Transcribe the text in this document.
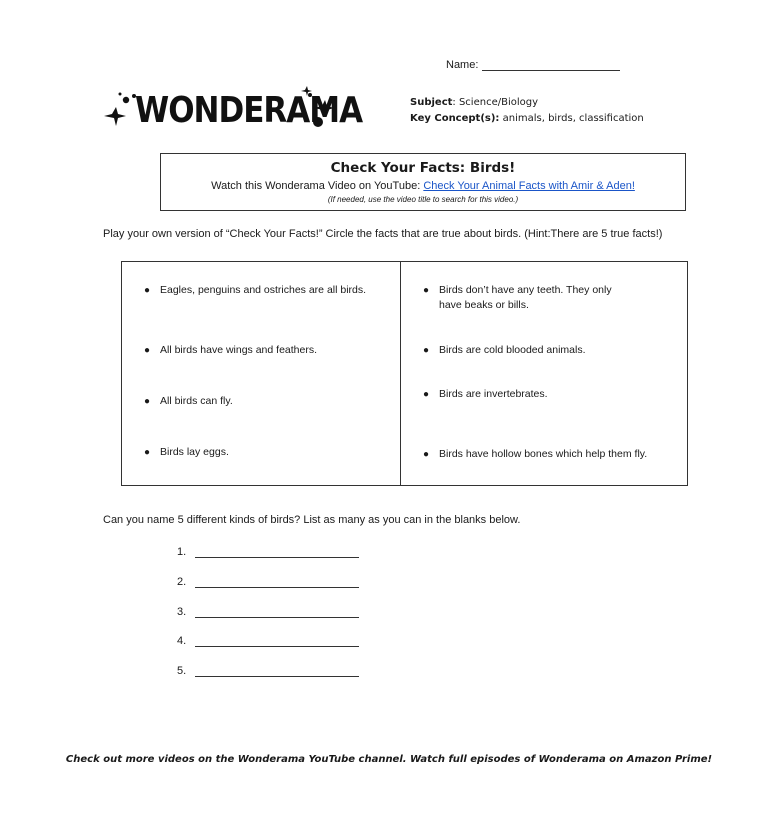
Name:
WONDERAMA	Subject: Science/Biology
Key Concept(s): animals, birds, classification
Check Your Facts: Birds!
Watch this Wonderama Video on YouTube: Check Your Animal Facts with Amir & Aden!
(If needed, use the video title to search for this video.)
Play your own version of “Check Your Facts!” Circle the facts that are true about birds. (Hint:There are 5 true facts!)
● Eagles, penguins and ostriches are all birds.
● All birds have wings and feathers.
● All birds can fly.
● Birds lay eggs.
● Birds don’t have any teeth. They only have beaks or bills.
● Birds are cold blooded animals.
● Birds are invertebrates.
● Birds have hollow bones which help them fly.
Can you name 5 different kinds of birds? List as many as you can in the blanks below.
1.
2.
3.
4.
5.
Check out more videos on the Wonderama YouTube channel. Watch full episodes of Wonderama on Amazon Prime!
